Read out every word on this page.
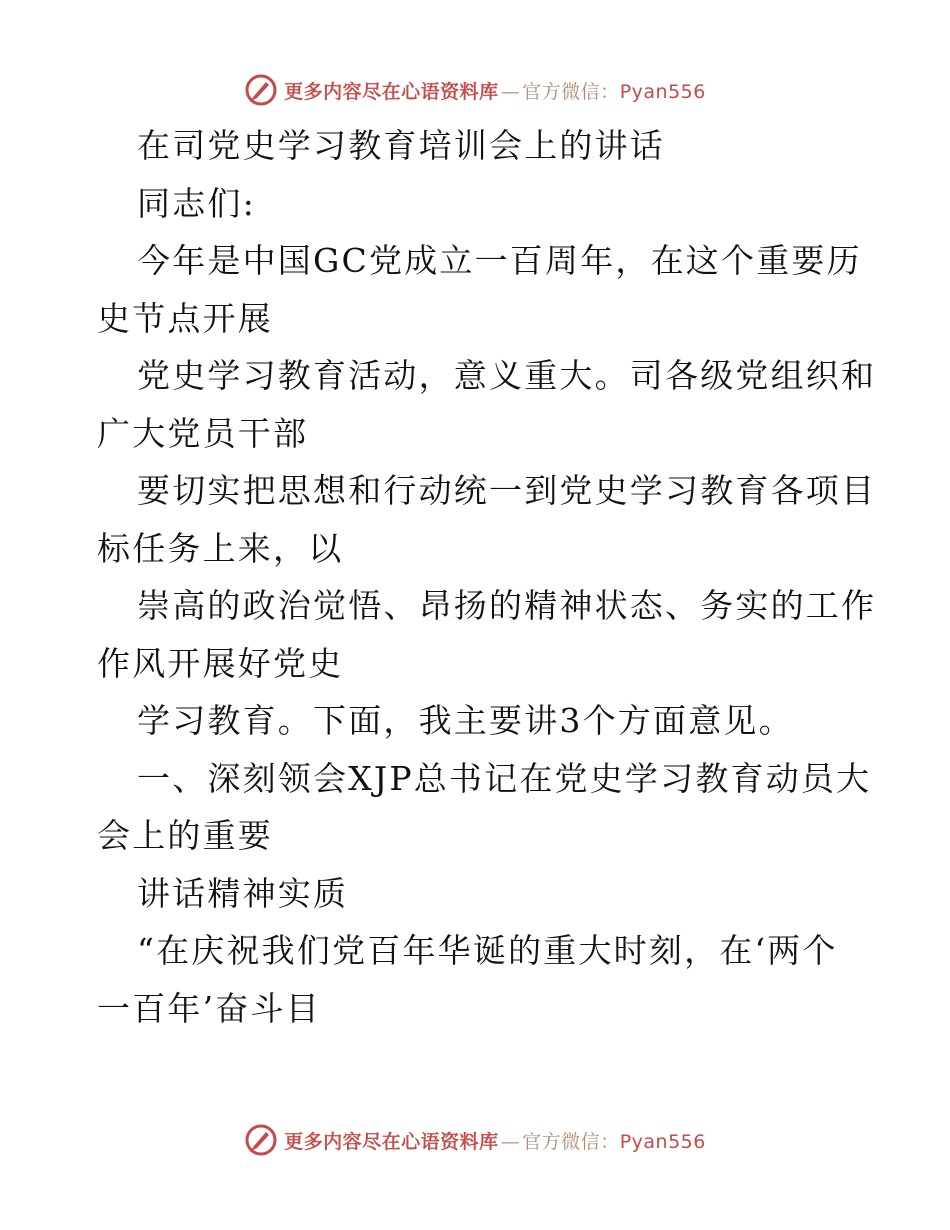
更多内容尽在心语资料库 — 官方微信：Pyan556
在司党史学习教育培训会上的讲话
同志们:
今年是中国GC党成立一百周年，在这个重要历
史节点开展
党史学习教育活动，意义重大。司各级党组织和
广大党员干部
要切实把思想和行动统一到党史学习教育各项目
标任务上来，以
崇高的政治觉悟、昂扬的精神状态、务实的工作
作风开展好党史
学习教育。下面，我主要讲3个方面意见。
一、深刻领会XJP总书记在党史学习教育动员大
会上的重要
讲话精神实质
“在庆祝我们党百年华诞的重大时刻，在‘两个
一百年’奋斗目
更多内容尽在心语资料库 — 官方微信：Pyan556
